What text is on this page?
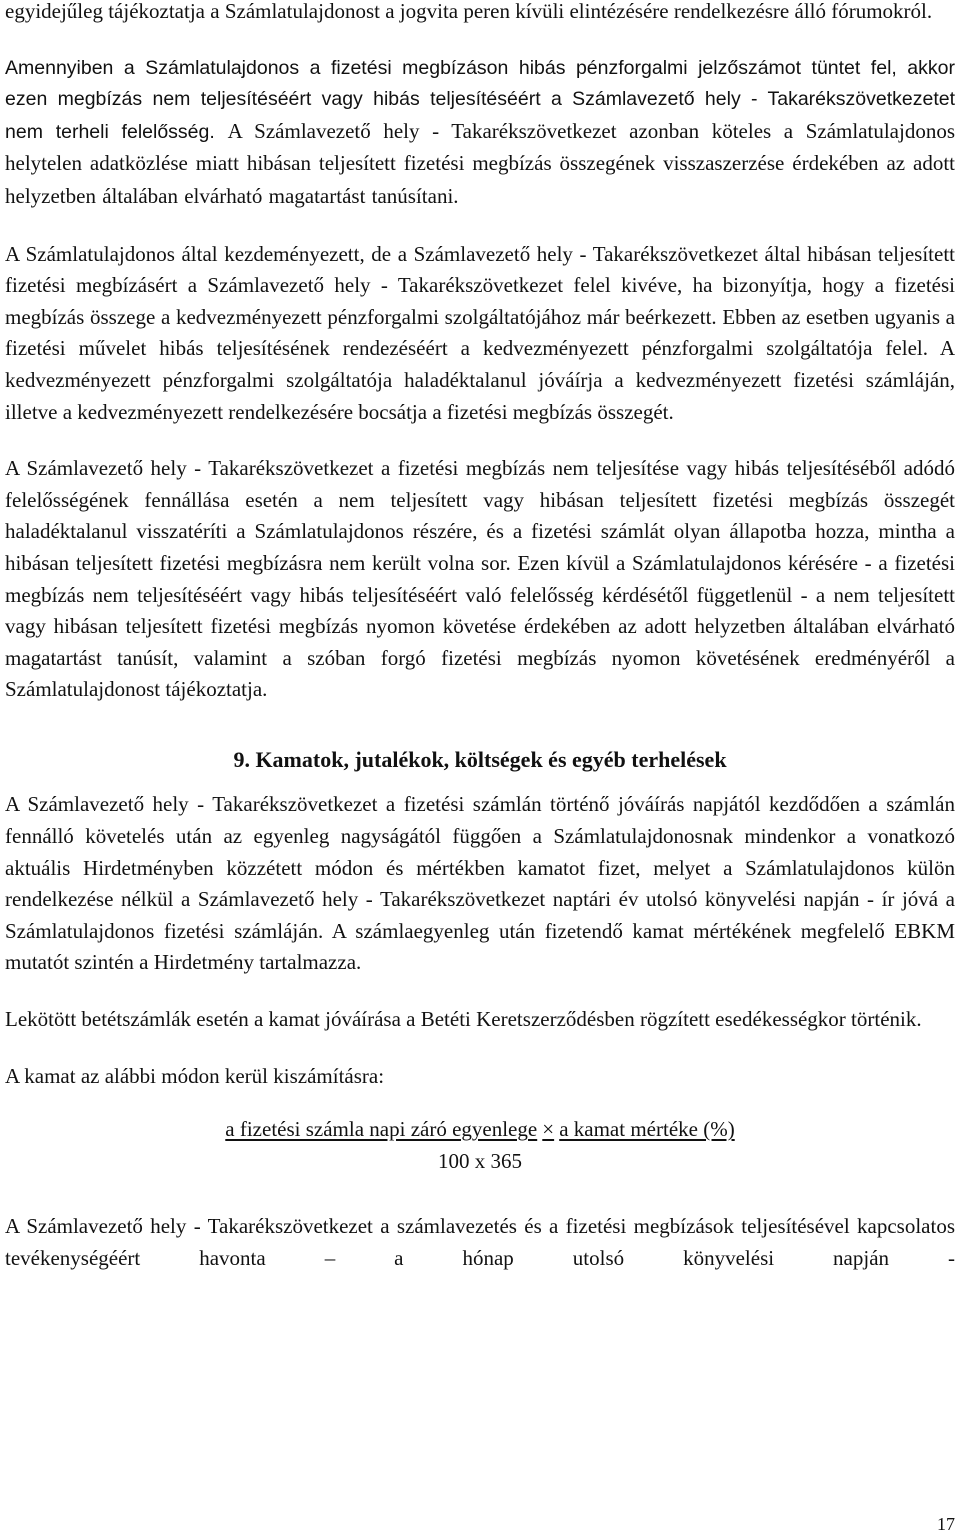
egyidejűleg tájékoztatja a Számlatulajdonost a jogvita peren kívüli elintézésére rendelkezésre álló fórumokról.

Amennyiben a Számlatulajdonos a fizetési megbízáson hibás pénzforgalmi jelzőszámot tüntet fel, akkor ezen megbízás nem teljesítéséért vagy hibás teljesítéséért a Számlavezető hely - Takarékszövetkezetet nem terheli felelősség. A Számlavezető hely - Takarékszövetkezet azonban köteles a Számlatulajdonos helytelen adatközlése miatt hibásan teljesített fizetési megbízás összegének visszaszerzése érdekében az adott helyzetben általában elvárható magatartást tanúsítani.

A Számlatulajdonos által kezdeményezett, de a Számlavezető hely - Takarékszövetkezet által hibásan teljesített fizetési megbízásért a Számlavezető hely - Takarékszövetkezet felel kivéve, ha bizonyítja, hogy a fizetési megbízás összege a kedvezményezett pénzforgalmi szolgáltatójához már beérkezett. Ebben az esetben ugyanis a fizetési művelet hibás teljesítésének rendezéséért a kedvezményezett pénzforgalmi szolgáltatója felel. A kedvezményezett pénzforgalmi szolgáltatója haladéktalanul jóváírja a kedvezményezett fizetési számláján, illetve a kedvezményezett rendelkezésére bocsátja a fizetési megbízás összegét.

A Számlavezető hely - Takarékszövetkezet a fizetési megbízás nem teljesítése vagy hibás teljesítéséből adódó felelősségének fennállása esetén a nem teljesített vagy hibásan teljesített fizetési megbízás összegét haladéktalanul visszatéríti a Számlatulajdonos részére, és a fizetési számlát olyan állapotba hozza, mintha a hibásan teljesített fizetési megbízásra nem került volna sor. Ezen kívül a Számlatulajdonos kérésére - a fizetési megbízás nem teljesítéséért vagy hibás teljesítéséért való felelősség kérdésétől függetlenül - a nem teljesített vagy hibásan teljesített fizetési megbízás nyomon követése érdekében az adott helyzetben általában elvárható magatartást tanúsít, valamint a szóban forgó fizetési megbízás nyomon követésének eredményéről a Számlatulajdonost tájékoztatja.

9. Kamatok, jutalékok, költségek és egyéb terhelések

A Számlavezető hely - Takarékszövetkezet a fizetési számlán történő jóváírás napjától kezdődően a számlán fennálló követelés után az egyenleg nagyságától függően a Számlatulajdonosnak mindenkor a vonatkozó aktuális Hirdetményben közzétett módon és mértékben kamatot fizet, melyet a Számlatulajdonos külön rendelkezése nélkül a Számlavezető hely - Takarékszövetkezet naptári év utolsó könyvelési napján - ír jóvá a Számlatulajdonos fizetési számláján. A számlaegyenleg után fizetendő kamat mértékének megfelelő EBKM mutatót szintén a Hirdetmény tartalmazza.

Lekötött betétszámlák esetén a kamat jóváírása a Betéti Keretszerződésben rögzített esedékességkor történik.

A kamat az alábbi módon kerül kiszámításra:

a fizetési számla napi záró egyenlege × a kamat mértéke (%)
100 x 365

A Számlavezető hely - Takarékszövetkezet a számlavezetés és a fizetési megbízások teljesítésével kapcsolatos tevékenységéért havonta – a hónap utolsó könyvelési napján -

17
